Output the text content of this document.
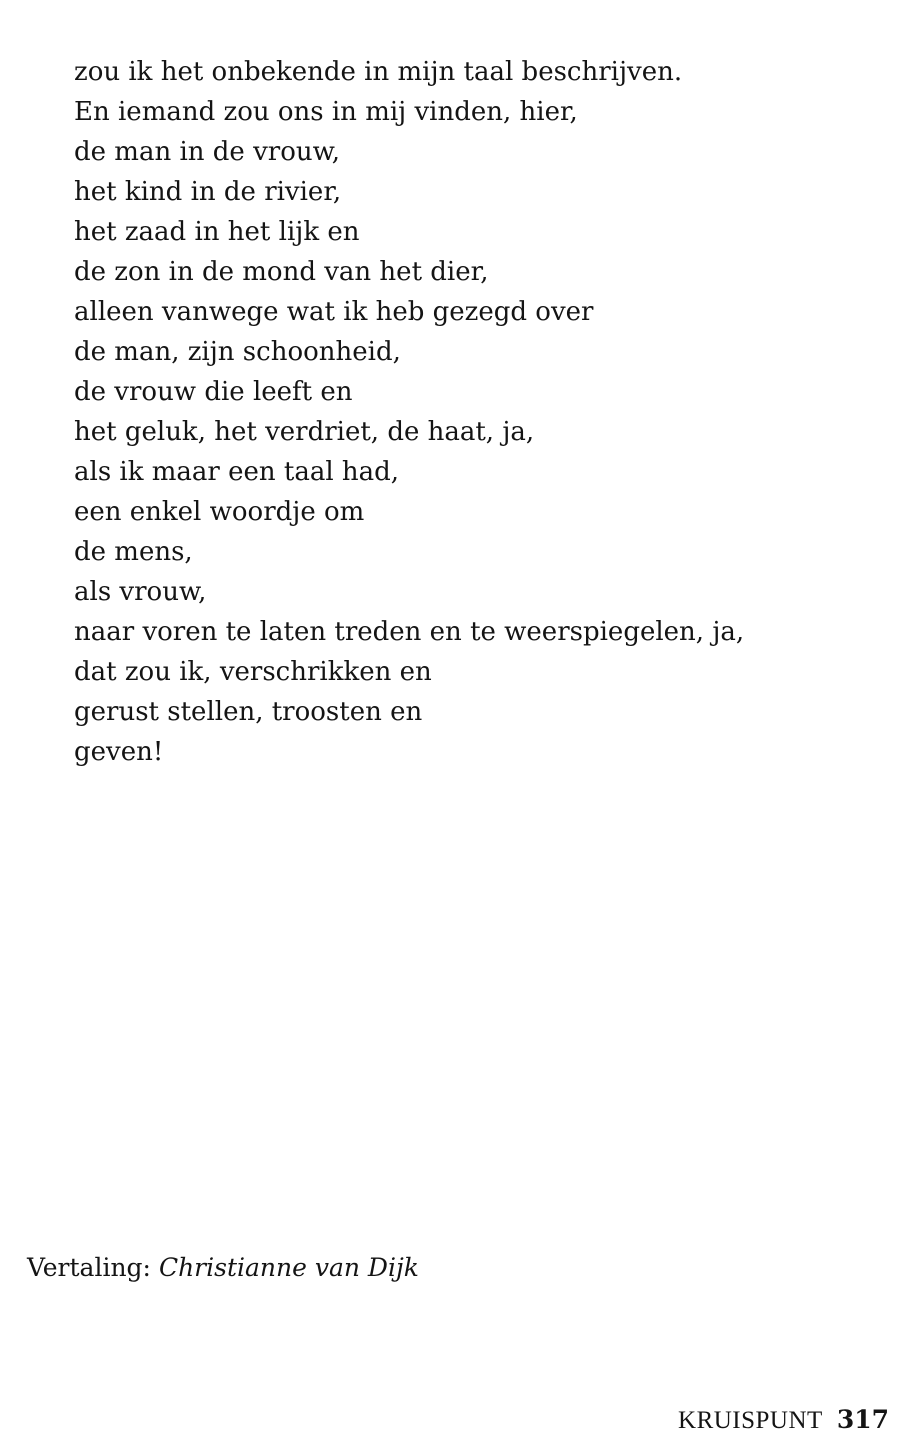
zou ik het onbekende in mijn taal beschrijven.
En iemand zou ons in mij vinden, hier,
de man in de vrouw,
het kind in de rivier,
het zaad in het lijk en
de zon in de mond van het dier,
alleen vanwege wat ik heb gezegd over
de man, zijn schoonheid,
de vrouw die leeft en
het geluk, het verdriet, de haat, ja,
als ik maar een taal had,
een enkel woordje om
de mens,
als vrouw,
naar voren te laten treden en te weerspiegelen, ja,
dat zou ik, verschrikken en
gerust stellen, troosten en
geven!
Vertaling: Christianne van Dijk
KRUISPUNT 317
